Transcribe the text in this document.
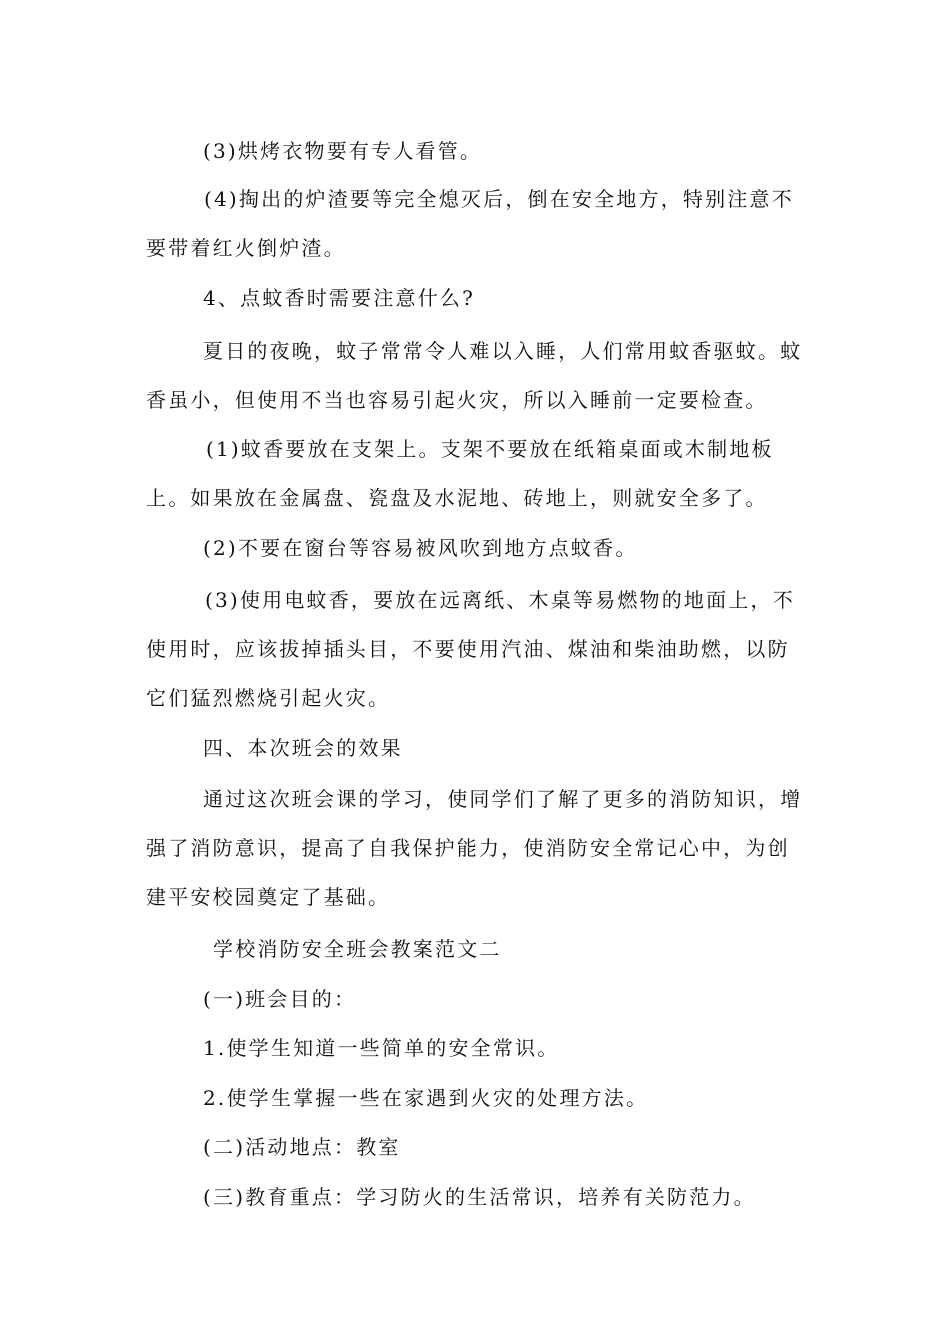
(3)烘烤衣物要有专人看管。
(4)掏出的炉渣要等完全熄灭后，倒在安全地方，特别注意不
要带着红火倒炉渣。
4、点蚊香时需要注意什么?
夏日的夜晚，蚊子常常令人难以入睡，人们常用蚊香驱蚊。蚊
香虽小，但使用不当也容易引起火灾，所以入睡前一定要检查。
(1)蚊香要放在支架上。支架不要放在纸箱桌面或木制地板
上。如果放在金属盘、瓷盘及水泥地、砖地上，则就安全多了。
(2)不要在窗台等容易被风吹到地方点蚊香。
(3)使用电蚊香，要放在远离纸、木桌等易燃物的地面上，不
使用时，应该拔掉插头目，不要使用汽油、煤油和柴油助燃，以防
它们猛烈燃烧引起火灾。
四、本次班会的效果
通过这次班会课的学习，使同学们了解了更多的消防知识，增
强了消防意识，提高了自我保护能力，使消防安全常记心中，为创
建平安校园奠定了基础。
学校消防安全班会教案范文二
(一)班会目的：
1.使学生知道一些简单的安全常识。
2.使学生掌握一些在家遇到火灾的处理方法。
(二)活动地点：教室
(三)教育重点：学习防火的生活常识，培养有关防范力。
